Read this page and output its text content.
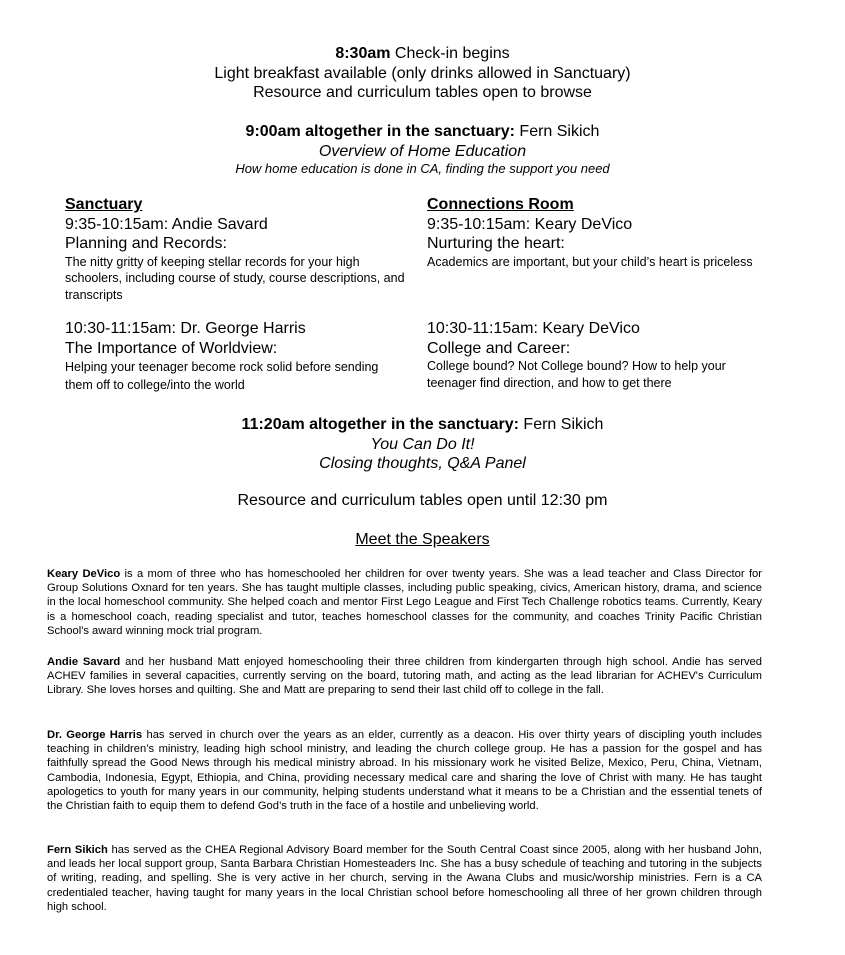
8:30am Check-in begins
Light breakfast available (only drinks allowed in Sanctuary)
Resource and curriculum tables open to browse
9:00am altogether in the sanctuary: Fern Sikich
Overview of Home Education
How home education is done in CA, finding the support you need
Sanctuary
9:35-10:15am: Andie Savard
Planning and Records:
The nitty gritty of keeping stellar records for your high schoolers, including course of study, course descriptions, and transcripts
Connections Room
9:35-10:15am: Keary DeVico
Nurturing the heart:
Academics are important, but your child’s heart is priceless
10:30-11:15am: Dr. George Harris
The Importance of Worldview:
Helping your teenager become rock solid before sending them off to college/into the world
10:30-11:15am: Keary DeVico
College and Career:
College bound? Not College bound? How to help your teenager find direction, and how to get there
11:20am altogether in the sanctuary: Fern Sikich
You Can Do It!
Closing thoughts, Q&A Panel
Resource and curriculum tables open until 12:30 pm
Meet the Speakers
Keary DeVico is a mom of three who has homeschooled her children for over twenty years. She was a lead teacher and Class Director for Group Solutions Oxnard for ten years. She has taught multiple classes, including public speaking, civics, American history, drama, and science in the local homeschool community. She helped coach and mentor First Lego League and First Tech Challenge robotics teams. Currently, Keary is a homeschool coach, reading specialist and tutor, teaches homeschool classes for the community, and coaches Trinity Pacific Christian School's award winning mock trial program.
Andie Savard and her husband Matt enjoyed homeschooling their three children from kindergarten through high school. Andie has served ACHEV families in several capacities, currently serving on the board, tutoring math, and acting as the lead librarian for ACHEV's Curriculum Library. She loves horses and quilting. She and Matt are preparing to send their last child off to college in the fall.
Dr. George Harris has served in church over the years as an elder, currently as a deacon. His over thirty years of discipling youth includes teaching in children’s ministry, leading high school ministry, and leading the church college group. He has a passion for the gospel and has faithfully spread the Good News through his medical ministry abroad. In his missionary work he visited Belize, Mexico, Peru, China, Vietnam, Cambodia, Indonesia, Egypt, Ethiopia, and China, providing necessary medical care and sharing the love of Christ with many. He has taught apologetics to youth for many years in our community, helping students understand what it means to be a Christian and the essential tenets of the Christian faith to equip them to defend God’s truth in the face of a hostile and unbelieving world.
Fern Sikich has served as the CHEA Regional Advisory Board member for the South Central Coast since 2005, along with her husband John, and leads her local support group, Santa Barbara Christian Homesteaders Inc. She has a busy schedule of teaching and tutoring in the subjects of writing, reading, and spelling. She is very active in her church, serving in the Awana Clubs and music/worship ministries. Fern is a CA credentialed teacher, having taught for many years in the local Christian school before homeschooling all three of her grown children through high school.
